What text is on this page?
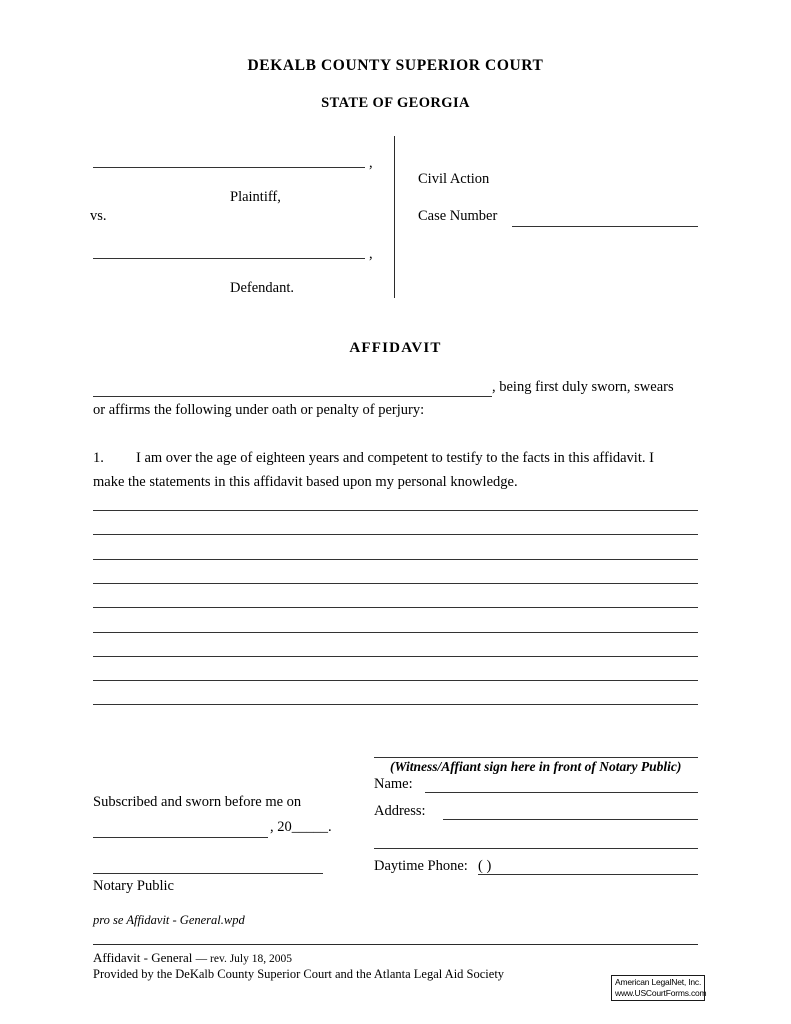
DEKALB COUNTY SUPERIOR COURT
STATE OF GEORGIA
,
Plaintiff,
vs.
,
Defendant.
Civil Action
Case Number
AFFIDAVIT
, being first duly sworn, swears
or affirms the following under oath or penalty of perjury:
1. I am over the age of eighteen years and competent to testify to the facts in this affidavit. I
make the statements in this affidavit based upon my personal knowledge.
(Witness/Affiant sign here in front of Notary Public)
Name:
Address:
Daytime Phone: ( )
Subscribed and sworn before me on
, 20_____.
Notary Public
pro se Affidavit - General.wpd
Affidavit - General — rev. July 18, 2005
Provided by the DeKalb County Superior Court and the Atlanta Legal Aid Society
American LegalNet, Inc.
www.USCourtForms.com
